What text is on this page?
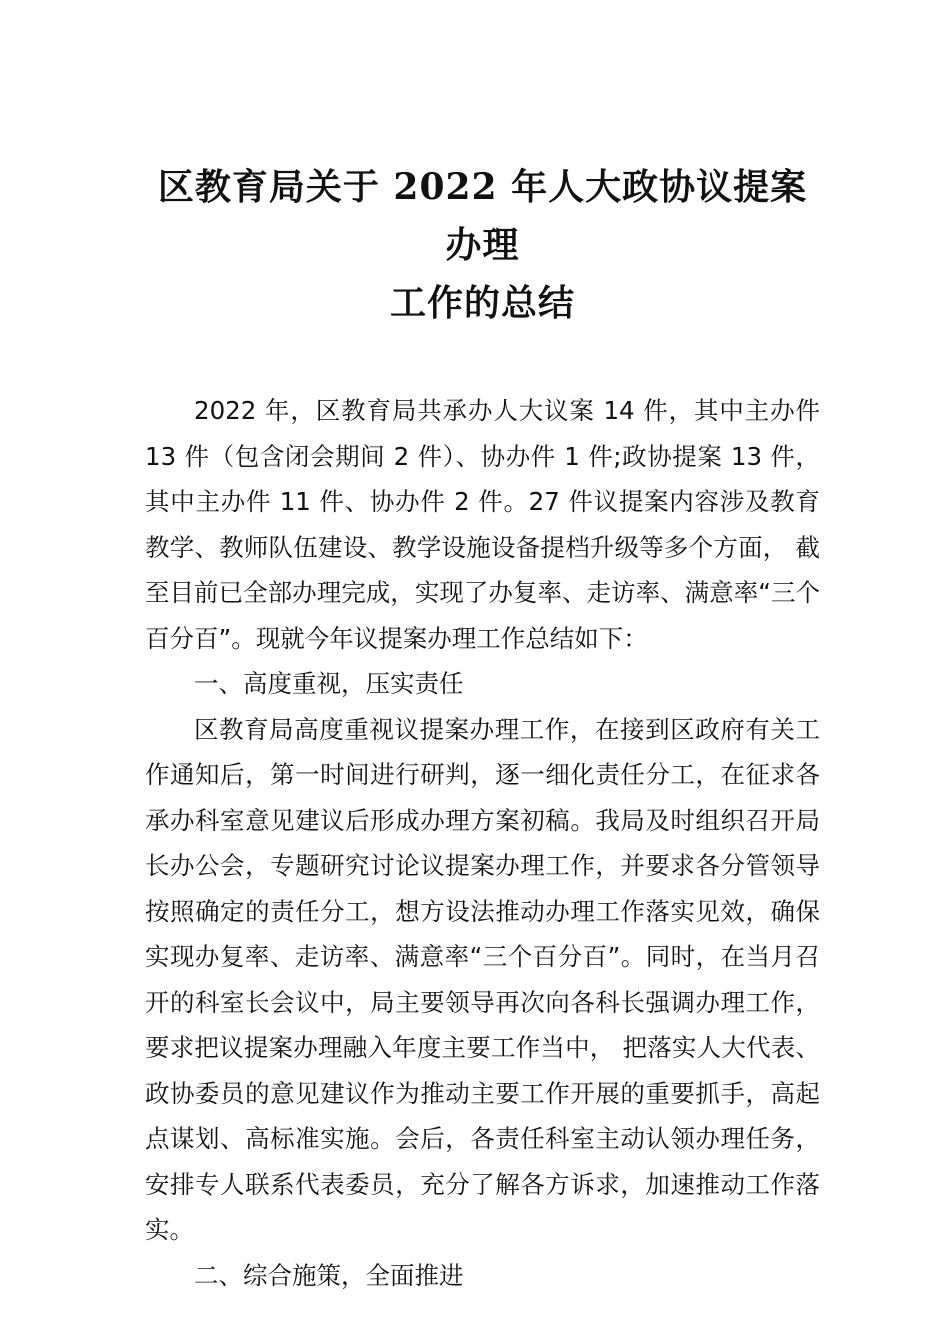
区教育局关于 2022 年人大政协议提案办理
工作的总结

2022 年，区教育局共承办人大议案 14 件，其中主办件 13 件（包含闭会期间 2 件）、协办件 1 件;政协提案 13 件，其中主办件 11 件、协办件 2 件。27 件议提案内容涉及教育教学、教师队伍建设、教学设施设备提档升级等多个方面， 截至目前已全部办理完成，实现了办复率、走访率、满意率“三个百分百”。现就今年议提案办理工作总结如下：

一、高度重视，压实责任

区教育局高度重视议提案办理工作，在接到区政府有关工作通知后，第一时间进行研判，逐一细化责任分工，在征求各承办科室意见建议后形成办理方案初稿。我局及时组织召开局长办公会，专题研究讨论议提案办理工作，并要求各分管领导按照确定的责任分工，想方设法推动办理工作落实见效，确保实现办复率、走访率、满意率“三个百分百”。同时，在当月召开的科室长会议中，局主要领导再次向各科长强调办理工作，要求把议提案办理融入年度主要工作当中， 把落实人大代表、政协委员的意见建议作为推动主要工作开展的重要抓手，高起点谋划、高标准实施。会后，各责任科室主动认领办理任务，安排专人联系代表委员，充分了解各方诉求，加速推动工作落实。

二、综合施策，全面推进
